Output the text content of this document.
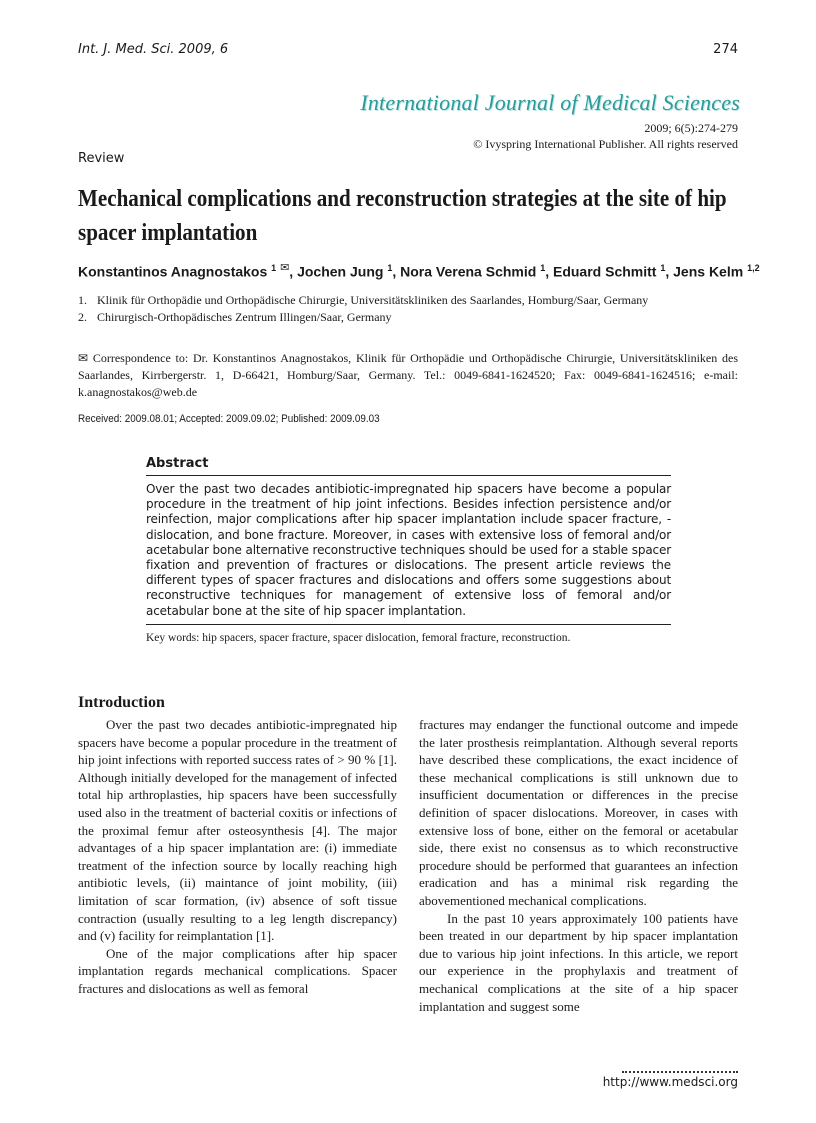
Int. J. Med. Sci. 2009, 6	274
International Journal of Medical Sciences
2009; 6(5):274-279
© Ivyspring International Publisher. All rights reserved
Review
Mechanical complications and reconstruction strategies at the site of hip spacer implantation
Konstantinos Anagnostakos $^1$ ✉, Jochen Jung $^1$, Nora Verena Schmid $^1$, Eduard Schmitt $^1$, Jens Kelm $^{1,2}$
1. Klinik für Orthopädie und Orthopädische Chirurgie, Universitätskliniken des Saarlandes, Homburg/Saar, Germany
2. Chirurgisch-Orthopädisches Zentrum Illingen/Saar, Germany
✉ Correspondence to: Dr. Konstantinos Anagnostakos, Klinik für Orthopädie und Orthopädische Chirurgie, Universitätskliniken des Saarlandes, Kirrbergerstr. 1, D-66421, Homburg/Saar, Germany. Tel.: 0049-6841-1624520; Fax: 0049-6841-1624516; e-mail: k.anagnostakos@web.de
Received: 2009.08.01; Accepted: 2009.09.02; Published: 2009.09.03
Abstract
Over the past two decades antibiotic-impregnated hip spacers have become a popular procedure in the treatment of hip joint infections. Besides infection persistence and/or reinfection, major complications after hip spacer implantation include spacer fracture, -dislocation, and bone fracture. Moreover, in cases with extensive loss of femoral and/or acetabular bone alternative reconstructive techniques should be used for a stable spacer fixation and prevention of fractures or dislocations. The present article reviews the different types of spacer fractures and dislocations and offers some suggestions about reconstructive techniques for management of extensive loss of femoral and/or acetabular bone at the site of hip spacer implantation.
Key words: hip spacers, spacer fracture, spacer dislocation, femoral fracture, reconstruction.
Introduction

Over the past two decades antibiotic-impregnated hip spacers have become a popular procedure in the treatment of hip joint infections with reported success rates of > 90 % [1]. Although initially developed for the management of infected total hip arthroplasties, hip spacers have been successfully used also in the treatment of bacterial coxitis or infections of the proximal femur after osteosynthesis [4]. The major advantages of a hip spacer implantation are: (i) immediate treatment of the infection source by locally reaching high antibiotic levels, (ii) maintance of joint mobility, (iii) limitation of scar formation, (iv) absence of soft tissue contraction (usually resulting to a leg length discrepancy) and (v) facility for reimplantation [1].

One of the major complications after hip spacer implantation regards mechanical complications. Spacer fractures and dislocations as well as femoral

fractures may endanger the functional outcome and impede the later prosthesis reimplantation. Although several reports have described these complications, the exact incidence of these mechanical complications is still unknown due to insufficient documentation or differences in the precise definition of spacer dislocations. Moreover, in cases with extensive loss of bone, either on the femoral or acetabular side, there exist no consensus as to which reconstructive procedure should be performed that guarantees an infection eradication and has a minimal risk regarding the abovementioned mechanical complications.

In the past 10 years approximately 100 patients have been treated in our department by hip spacer implantation due to various hip joint infections. In this article, we report our experience in the prophylaxis and treatment of mechanical complications at the site of a hip spacer implantation and suggest some

http://www.medsci.org
